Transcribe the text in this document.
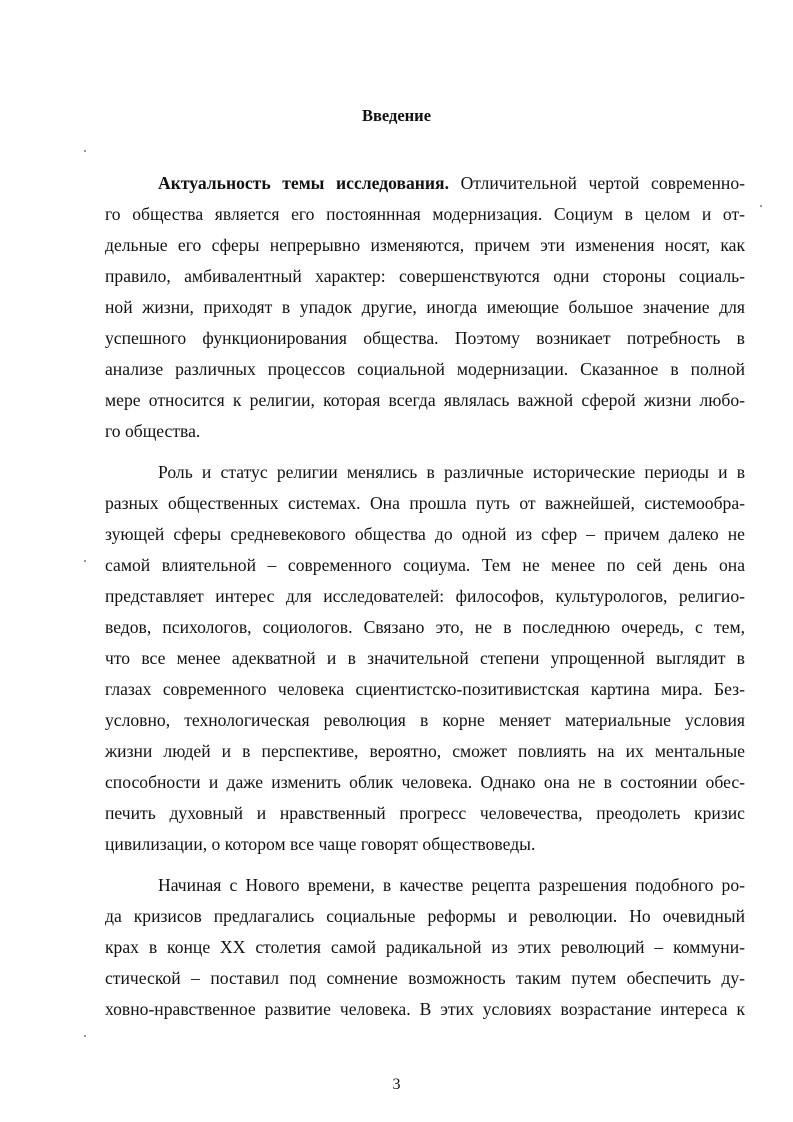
Введение
Актуальность темы исследования. Отличительной чертой современно-
го общества является его постояннная модернизация. Социум в целом и от-
дельные его сферы непрерывно изменяются, причем эти изменения носят, как
правило, амбивалентный характер: совершенствуются одни стороны социаль-
ной жизни, приходят в упадок другие, иногда имеющие большое значение для
успешного функционирования общества. Поэтому возникает потребность в
анализе различных процессов социальной модернизации. Сказанное в полной
мере относится к религии, которая всегда являлась важной сферой жизни любо-
го общества.
Роль и статус религии менялись в различные исторические периоды и в
разных общественных системах. Она прошла путь от важнейшей, системообра-
зующей сферы средневекового общества до одной из сфер – причем далеко не
самой влиятельной – современного социума. Тем не менее по сей день она
представляет интерес для исследователей: философов, культурологов, религио-
ведов, психологов, социологов. Связано это, не в последнюю очередь, с тем,
что все менее адекватной и в значительной степени упрощенной выглядит в
глазах современного человека сциентистско-позитивистская картина мира. Без-
условно, технологическая революция в корне меняет материальные условия
жизни людей и в перспективе, вероятно, сможет повлиять на их ментальные
способности и даже изменить облик человека. Однако она не в состоянии обес-
печить духовный и нравственный прогресс человечества, преодолеть кризис
цивилизации, о котором все чаще говорят обществоведы.
Начиная с Нового времени, в качестве рецепта разрешения подобного ро-
да кризисов предлагались социальные реформы и революции. Но очевидный
крах в конце XX столетия самой радикальной из этих революций – коммуни-
стической – поставил под сомнение возможность таким путем обеспечить ду-
ховно-нравственное развитие человека. В этих условиях возрастание интереса к
3
